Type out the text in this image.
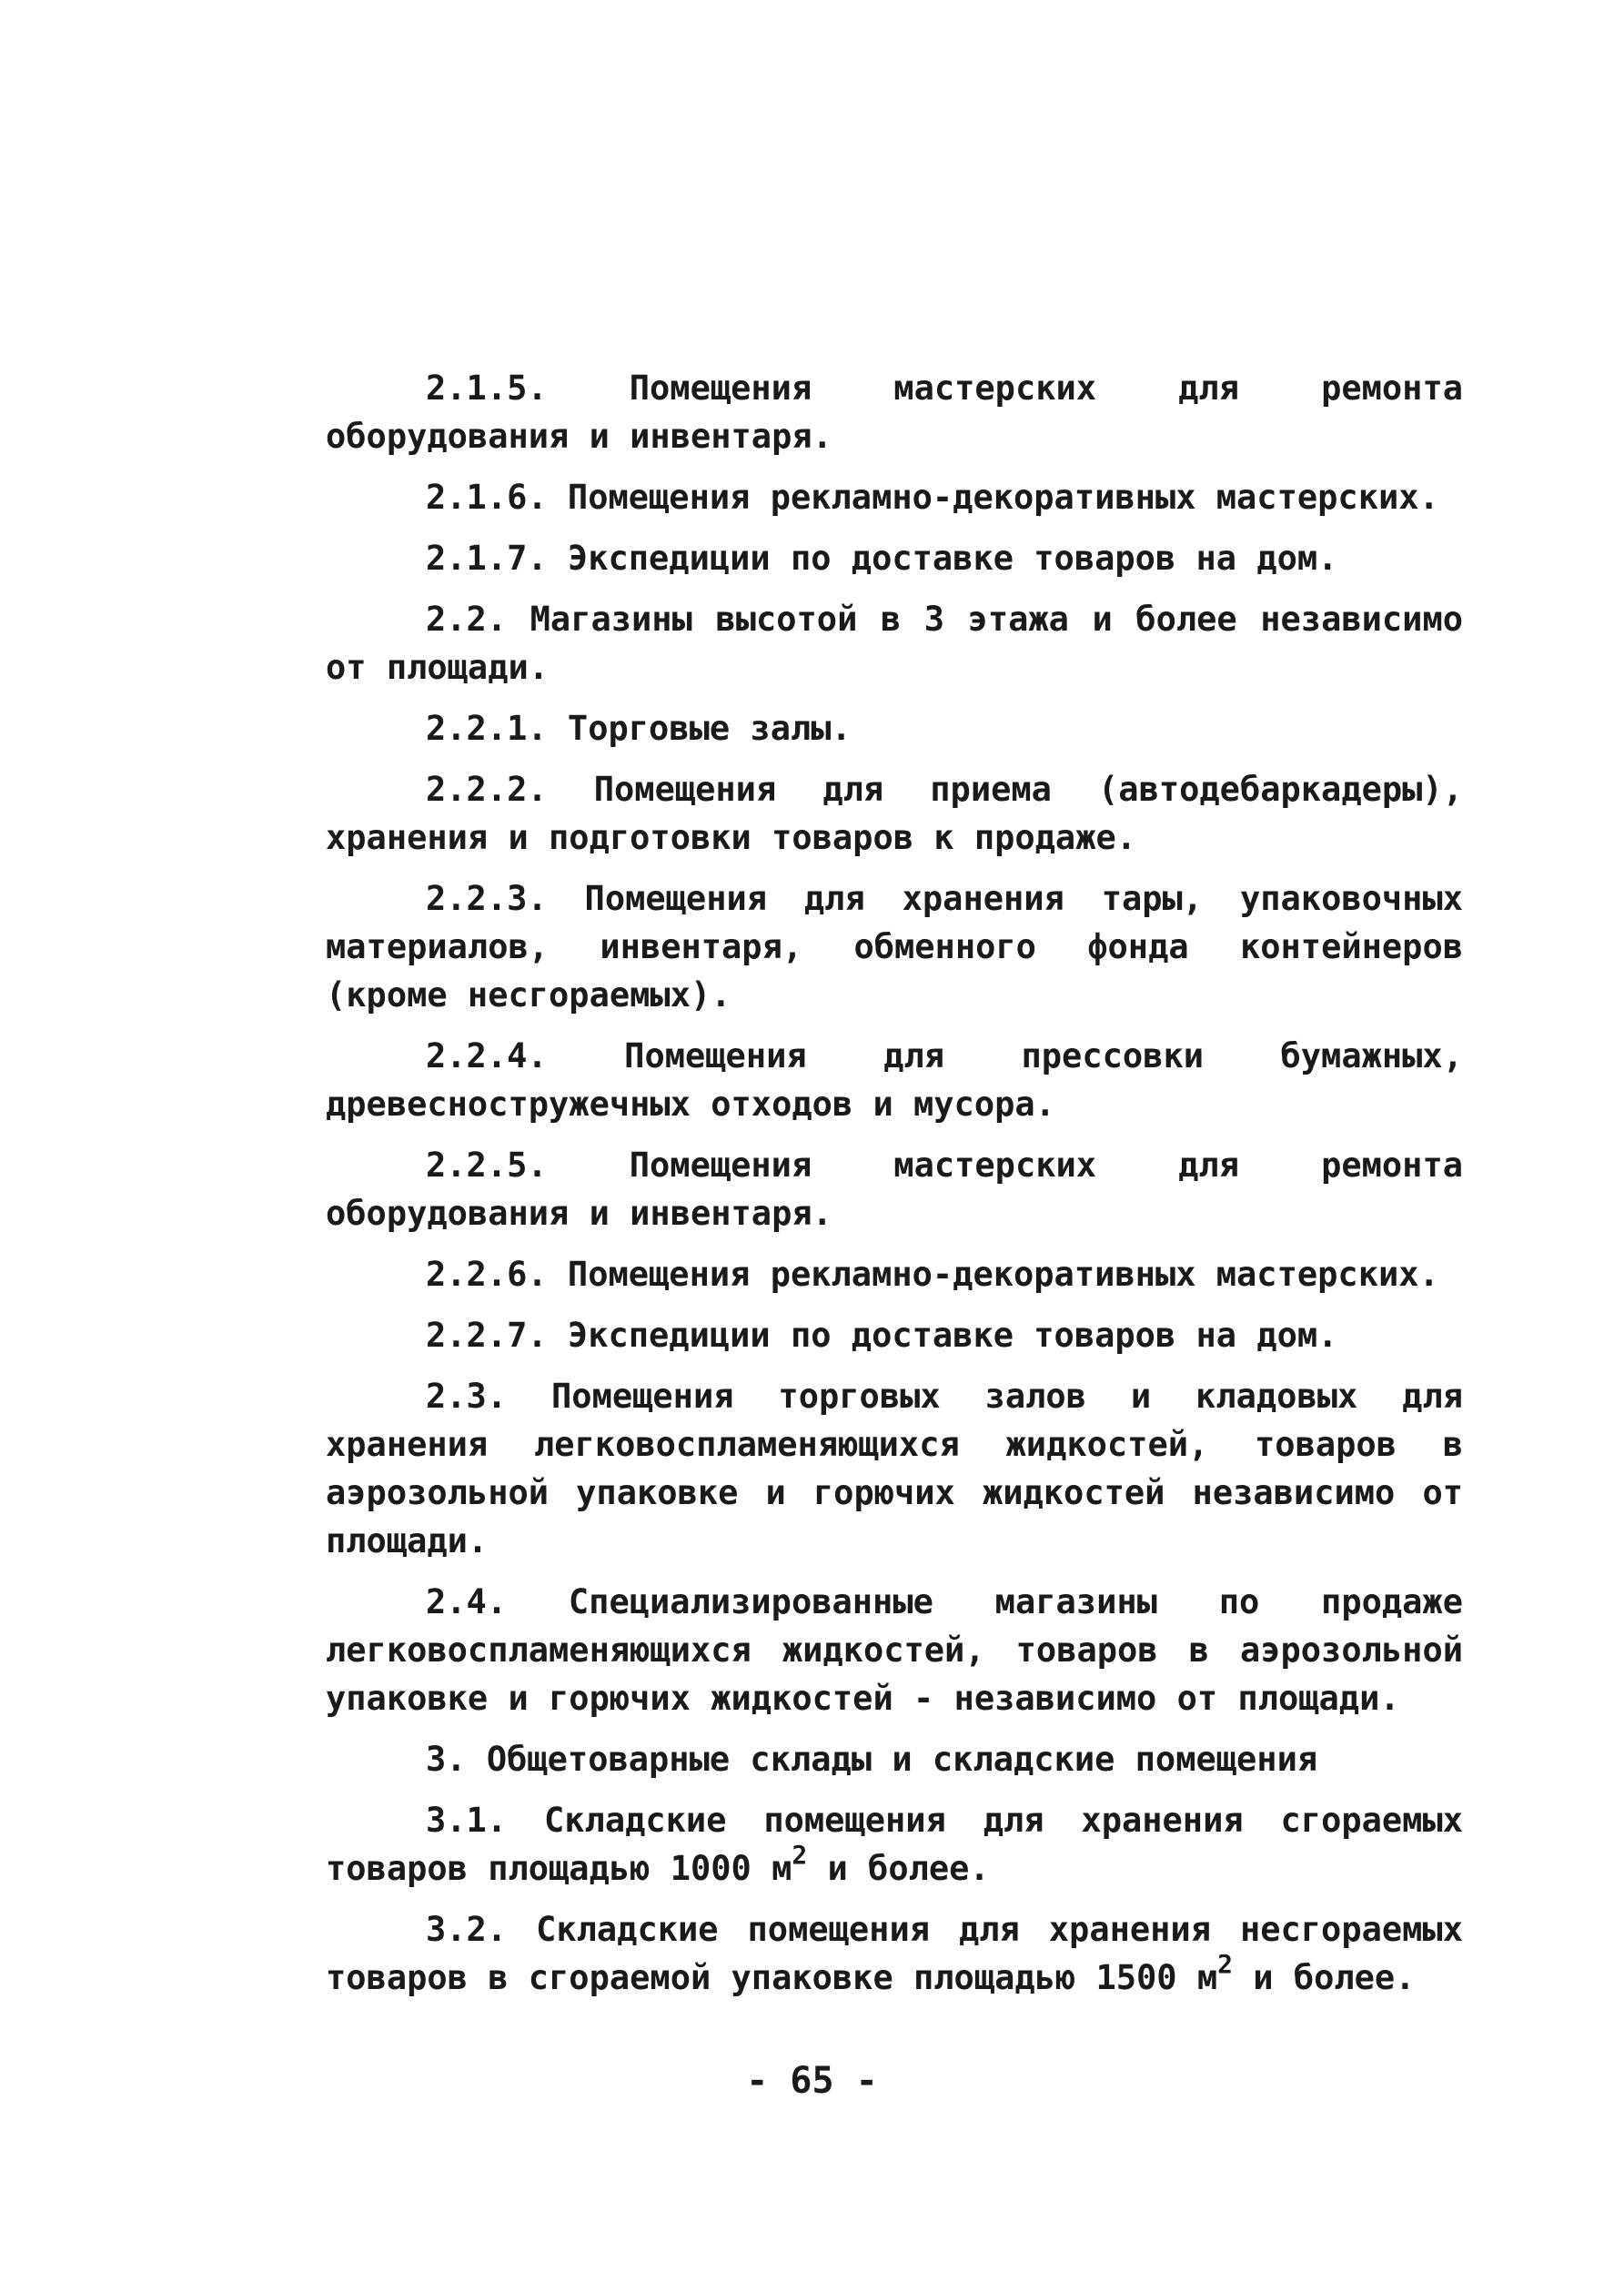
2.1.5. Помещения мастерских для ремонта оборудования и инвентаря.

2.1.6. Помещения рекламно-декоративных мастерских.

2.1.7. Экспедиции по доставке товаров на дом.

2.2. Магазины высотой в 3 этажа и более независимо от площади.

2.2.1. Торговые залы.

2.2.2. Помещения для приема (автодебаркадеры), хранения и подготовки товаров к продаже.

2.2.3. Помещения для хранения тары, упаковочных материалов, инвентаря, обменного фонда контейнеров (кроме несгораемых).

2.2.4. Помещения для прессовки бумажных, древесностружечных отходов и мусора.

2.2.5. Помещения мастерских для ремонта оборудования и инвентаря.

2.2.6. Помещения рекламно-декоративных мастерских.

2.2.7. Экспедиции по доставке товаров на дом.

2.3. Помещения торговых залов и кладовых для хранения легковоспламеняющихся жидкостей, товаров в аэрозольной упаковке и горючих жидкостей независимо от площади.

2.4. Специализированные магазины по продаже легковоспламеняющихся жидкостей, товаров в аэрозольной упаковке и горючих жидкостей - независимо от площади.

3. Общетоварные склады и складские помещения

3.1. Складские помещения для хранения сгораемых товаров площадью 1000 $м^2$ и более.

3.2. Складские помещения для хранения несгораемых товаров в сгораемой упаковке площадью 1500 $м^2$ и более.

- 65 -
